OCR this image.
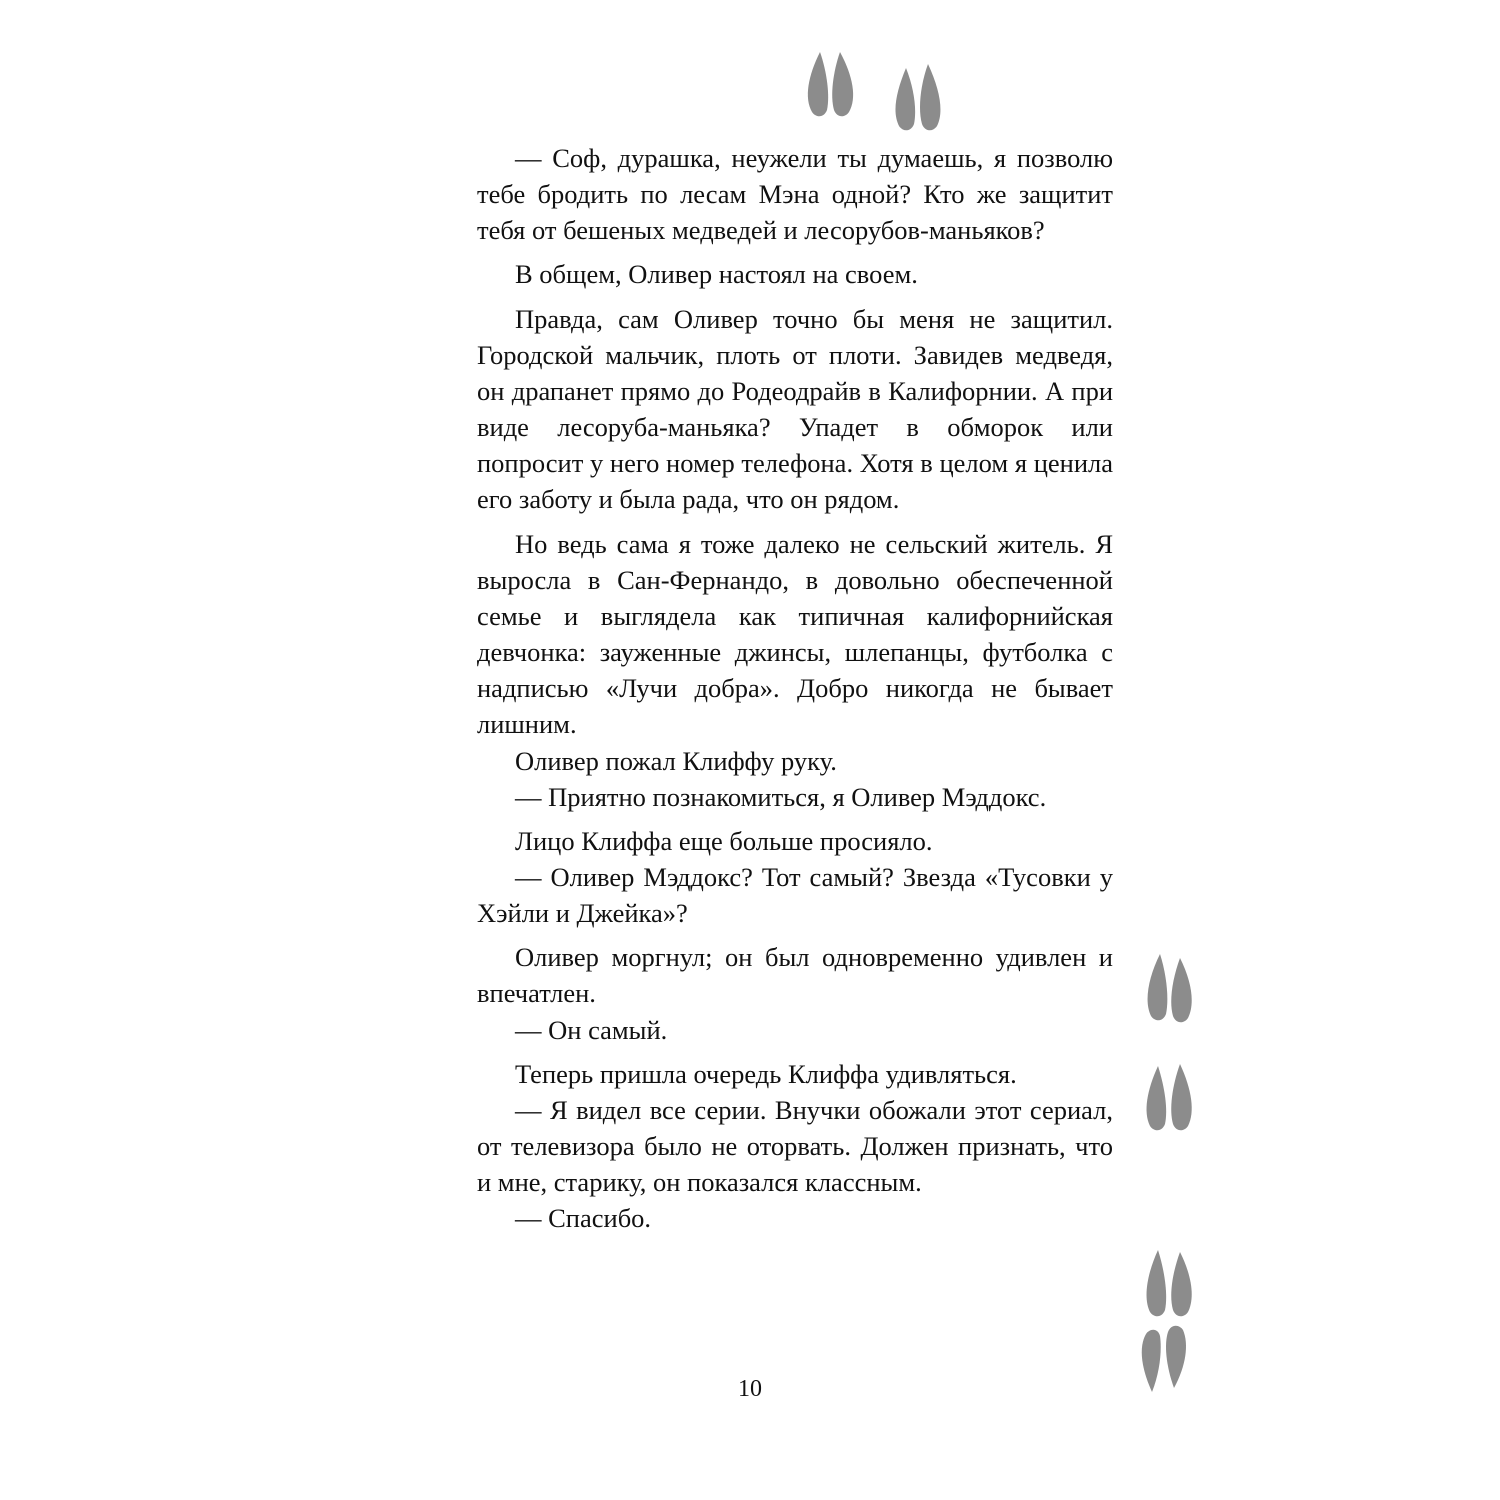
— Соф, дурашка, неужели ты думаешь, я позволю тебе бродить по лесам Мэна одной? Кто же защитит тебя от бешеных медведей и лесорубов-маньяков?

В общем, Оливер настоял на своем.

Правда, сам Оливер точно бы меня не защитил. Городской мальчик, плоть от плоти. Завидев медведя, он драпанет прямо до Родеодрайв в Калифорнии. А при виде лесоруба-маньяка? Упадет в обморок или попросит у него номер телефона. Хотя в целом я ценила его заботу и была рада, что он рядом.

Но ведь сама я тоже далеко не сельский житель. Я выросла в Сан-Фернандо, в довольно обеспеченной семье и выглядела как типичная калифорнийская девчонка: зауженные джинсы, шлепанцы, футболка с надписью «Лучи добра». Добро никогда не бывает лишним.

Оливер пожал Клиффу руку.

— Приятно познакомиться, я Оливер Мэддокс.

Лицо Клиффа еще больше просияло.

— Оливер Мэддокс? Тот самый? Звезда «Тусовки у Хэйли и Джейка»?

Оливер моргнул; он был одновременно удивлен и впечатлен.

— Он самый.

Теперь пришла очередь Клиффа удивляться.

— Я видел все серии. Внучки обожали этот сериал, от телевизора было не оторвать. Должен признать, что и мне, старику, он показался классным.

— Спасибо.

10
